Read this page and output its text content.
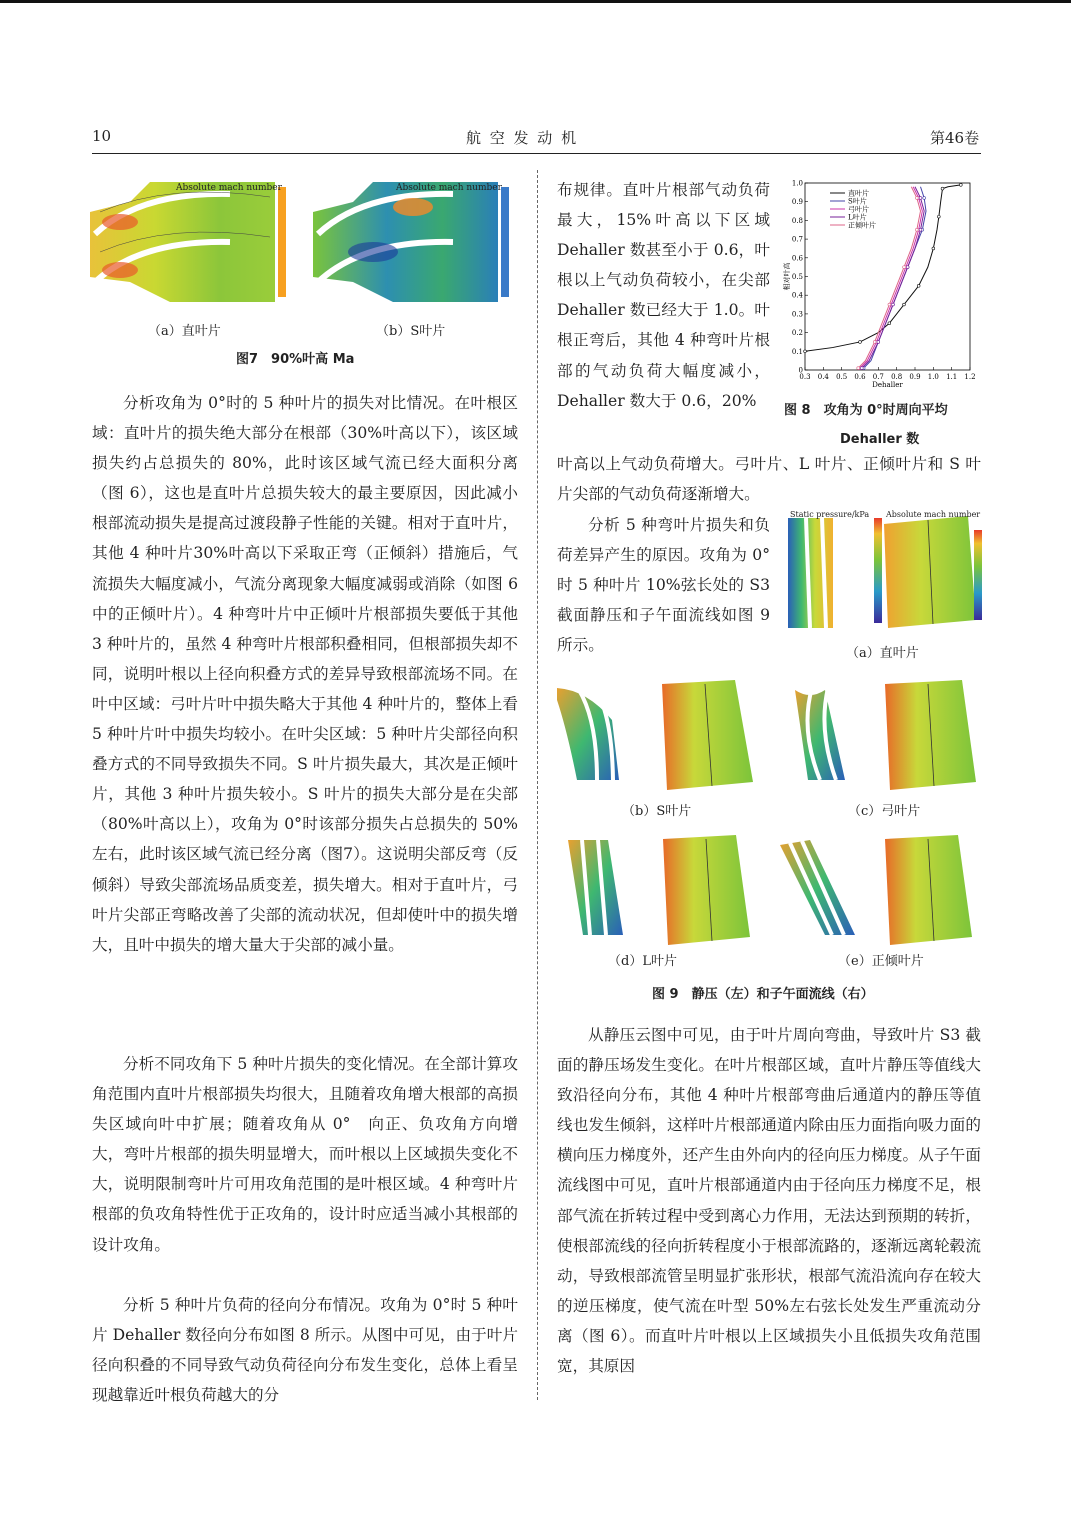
10	航 空 发 动 机	第46卷
Absolute mach number	Absolute mach number
（a）直叶片	（b）S叶片
图7　90%叶高 Ma

分析攻角为 0°时的 5 种叶片的损失对比情况。在叶根区域：直叶片的损失绝大部分在根部（30%叶高以下），该区域损失约占总损失的 80%，此时该区域气流已经大面积分离（图 6），这也是直叶片总损失较大的最主要原因，因此减小根部流动损失是提高过渡段静子性能的关键。相对于直叶片，其他 4 种叶片30%叶高以下采取正弯（正倾斜）措施后，气流损失大幅度减小，气流分离现象大幅度减弱或消除（如图 6中的正倾叶片）。4 种弯叶片中正倾叶片根部损失要低于其他 3 种叶片的，虽然 4 种弯叶片根部积叠相同，但根部损失却不同，说明叶根以上径向积叠方式的差异导致根部流场不同。在叶中区域：弓叶片叶中损失略大于其他 4 种叶片的，整体上看 5 种叶片叶中损失均较小。在叶尖区域：5 种叶片尖部径向积叠方式的不同导致损失不同。S 叶片损失最大，其次是正倾叶片，其他 3 种叶片损失较小。S 叶片的损失大部分是在尖部（80%叶高以上），攻角为 0°时该部分损失占总损失的 50%左右，此时该区域气流已经分离（图7）。这说明尖部反弯（反倾斜）导致尖部流场品质变差，损失增大。相对于直叶片，弓叶片尖部正弯略改善了尖部的流动状况，但却使叶中的损失增大，且叶中损失的增大量大于尖部的减小量。

分析不同攻角下 5 种叶片损失的变化情况。在全部计算攻角范围内直叶片根部损失均很大，且随着攻角增大根部的高损失区域向叶中扩展；随着攻角从 0°　向正、负攻角方向增大，弯叶片根部的损失明显增大，而叶根以上区域损失变化不大，说明限制弯叶片可用攻角范围的是叶根区域。4 种弯叶片根部的负攻角特性优于正攻角的，设计时应适当减小其根部的设计攻角。

分析 5 种叶片负荷的径向分布情况。攻角为 0°时 5 种叶片 Dehaller 数径向分布如图 8 所示。从图中可见，由于叶片径向积叠的不同导致气动负荷径向分布发生变化，总体上看呈现越靠近叶根负荷越大的分

布规律。直叶片根部气动负荷最大，15%叶高以下区域 Dehaller 数甚至小于 0.6，叶根以上气动负荷较小，在尖部 Dehaller 数已经大于 1.0。叶根正弯后，其他 4 种弯叶片根部的气动负荷大幅度减小，Dehaller 数大于 0.6，20%

叶高以上气动负荷增大。弓叶片、L 叶片、正倾叶片和 S 叶片尖部的气动负荷逐渐增大。

0.3 0.4 0.5 0.6 0.7 0.8 0.9 1.0 1.1 1.2
0
0.1
0.2
0.3
0.4
0.5
0.6
0.7
0.8
0.9
1.0
Dehaller
相对叶高
直叶片
S叶片
弓叶片
L叶片
正倾叶片
图 8　攻角为 0°时周向平均
Dehaller 数

分析 5 种弯叶片损失和负荷差异产生的原因。攻角为 0°时 5 种叶片 10%弦长处的 S3 截面静压和子午面流线如图 9 所示。

Static pressure/kPa Absolute mach number
（a）直叶片
（b）S叶片	（c）弓叶片
（d）L叶片	（e）正倾叶片
图 9　静压（左）和子午面流线（右）

从静压云图中可见，由于叶片周向弯曲，导致叶片 S3 截面的静压场发生变化。在叶片根部区域，直叶片静压等值线大致沿径向分布，其他 4 种叶片根部弯曲后通道内的静压等值线也发生倾斜，这样叶片根部通道内除由压力面指向吸力面的横向压力梯度外，还产生由外向内的径向压力梯度。从子午面流线图中可见，直叶片根部通道内由于径向压力梯度不足，根部气流在折转过程中受到离心力作用，无法达到预期的转折，使根部流线的径向折转程度小于根部流路的，逐渐远离轮毂流动，导致根部流管呈明显扩张形状，根部气流沿流向存在较大的逆压梯度，使气流在叶型 50%左右弦长处发生严重流动分离（图 6）。而直叶片叶根以上区域损失小且低损失攻角范围宽，其原因
